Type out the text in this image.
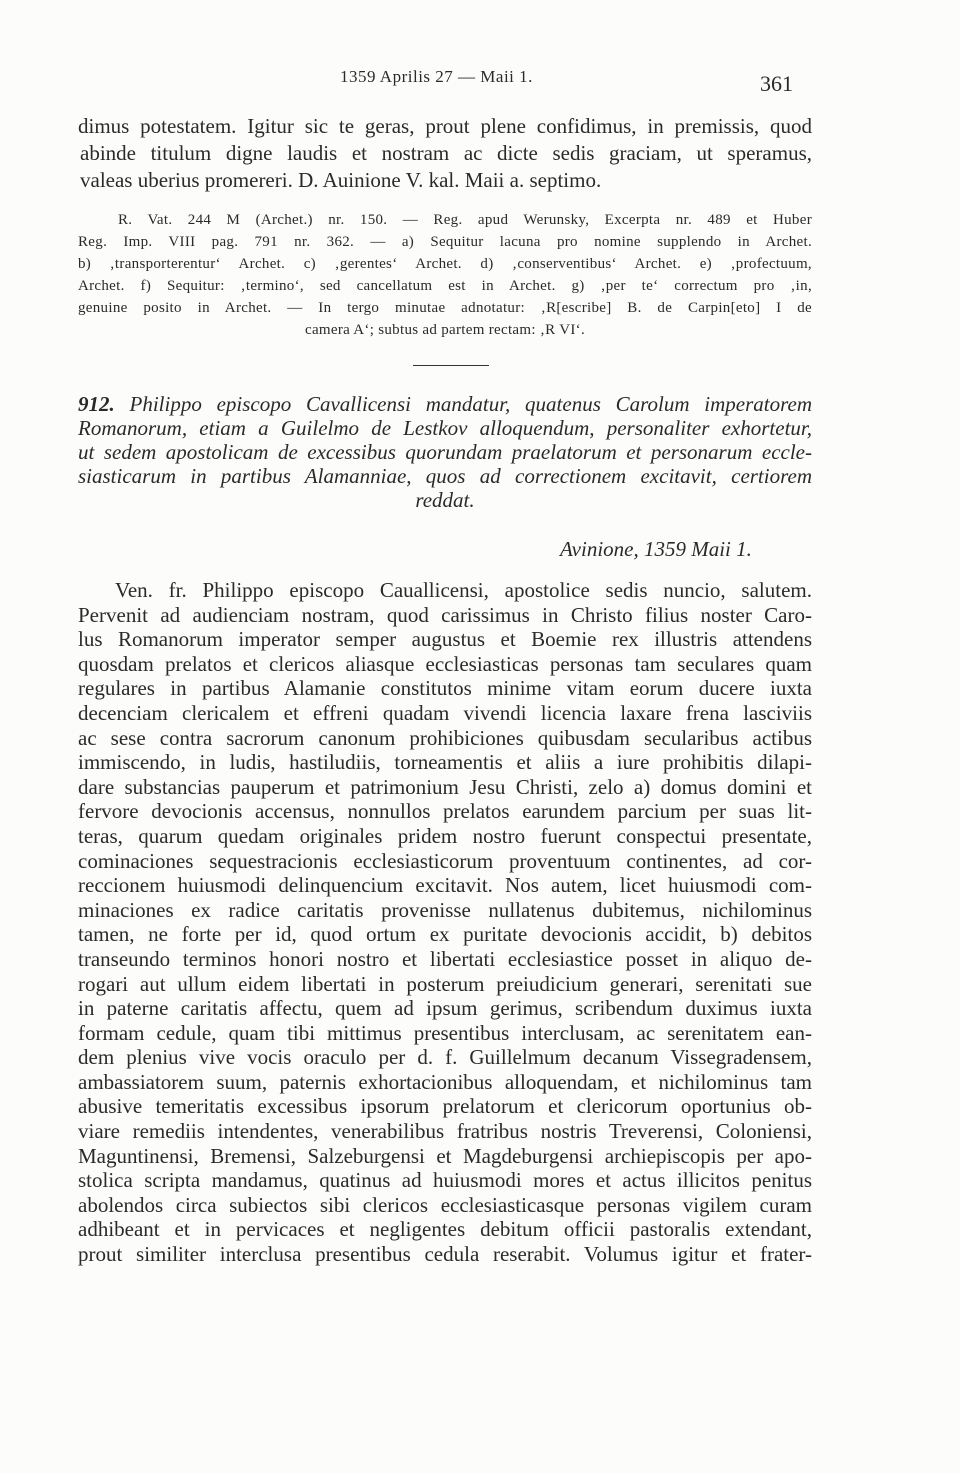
1359 Aprilis 27 — Maii 1.	361
dimus potestatem. Igitur sic te geras, prout plene confidimus, in premissis, quod
abinde titulum digne laudis et nostram ac dicte sedis graciam, ut speramus,
valeas uberius promereri. D. Auinione V. kal. Maii a. septimo.
R. Vat. 244 M (Archet.) nr. 150. — Reg. apud Werunsky, Excerpta nr. 489 et Huber
Reg. Imp. VIII pag. 791 nr. 362. — a) Sequitur lacuna pro nomine supplendo in Archet.
b) ‚transporterentur‘ Archet. c) ‚gerentes‘ Archet. d) ‚conserventibus‘ Archet. e) ‚profectuum,
Archet. f) Sequitur: ‚termino‘, sed cancellatum est in Archet. g) ‚per te‘ correctum pro ‚in,
genuine posito in Archet. — In tergo minutae adnotatur: ‚R[escribe] B. de Carpin[eto] I de
camera A‘; subtus ad partem rectam: ‚R VI‘.
912. Philippo episcopo Cavallicensi mandatur, quatenus Carolum imperatorem
Romanorum, etiam a Guilelmo de Lestkov alloquendum, personaliter exhortetur,
ut sedem apostolicam de excessibus quorundam praelatorum et personarum eccle-
siasticarum in partibus Alamanniae, quos ad correctionem excitavit, certiorem
reddat.
Avinione, 1359 Maii 1.
Ven. fr. Philippo episcopo Cauallicensi, apostolice sedis nuncio, salutem.
Pervenit ad audienciam nostram, quod carissimus in Christo filius noster Caro-
lus Romanorum imperator semper augustus et Boemie rex illustris attendens
quosdam prelatos et clericos aliasque ecclesiasticas personas tam seculares quam
regulares in partibus Alamanie constitutos minime vitam eorum ducere iuxta
decenciam clericalem et effreni quadam vivendi licencia laxare frena lasciviis
ac sese contra sacrorum canonum prohibiciones quibusdam secularibus actibus
immiscendo, in ludis, hastiludiis, torneamentis et aliis a iure prohibitis dilapi-
dare substancias pauperum et patrimonium Jesu Christi, zelo a) domus domini et
fervore devocionis accensus, nonnullos prelatos earundem parcium per suas lit-
teras, quarum quedam originales pridem nostro fuerunt conspectui presentate,
cominaciones sequestracionis ecclesiasticorum proventuum continentes, ad cor-
reccionem huiusmodi delinquencium excitavit. Nos autem, licet huiusmodi com-
minaciones ex radice caritatis provenisse nullatenus dubitemus, nichilominus
tamen, ne forte per id, quod ortum ex puritate devocionis accidit, b) debitos
transeundo terminos honori nostro et libertati ecclesiastice posset in aliquo de-
rogari aut ullum eidem libertati in posterum preiudicium generari, serenitati sue
in paterne caritatis affectu, quem ad ipsum gerimus, scribendum duximus iuxta
formam cedule, quam tibi mittimus presentibus interclusam, ac serenitatem ean-
dem plenius vive vocis oraculo per d. f. Guillelmum decanum Vissegradensem,
ambassiatorem suum, paternis exhortacionibus alloquendam, et nichilominus tam
abusive temeritatis excessibus ipsorum prelatorum et clericorum oportunius ob-
viare remediis intendentes, venerabilibus fratribus nostris Treverensi, Coloniensi,
Maguntinensi, Bremensi, Salzeburgensi et Magdeburgensi archiepiscopis per apo-
stolica scripta mandamus, quatinus ad huiusmodi mores et actus illicitos penitus
abolendos circa subiectos sibi clericos ecclesiasticasque personas vigilem curam
adhibeant et in pervicaces et negligentes debitum officii pastoralis extendant,
prout similiter interclusa presentibus cedula reserabit. Volumus igitur et frater-
